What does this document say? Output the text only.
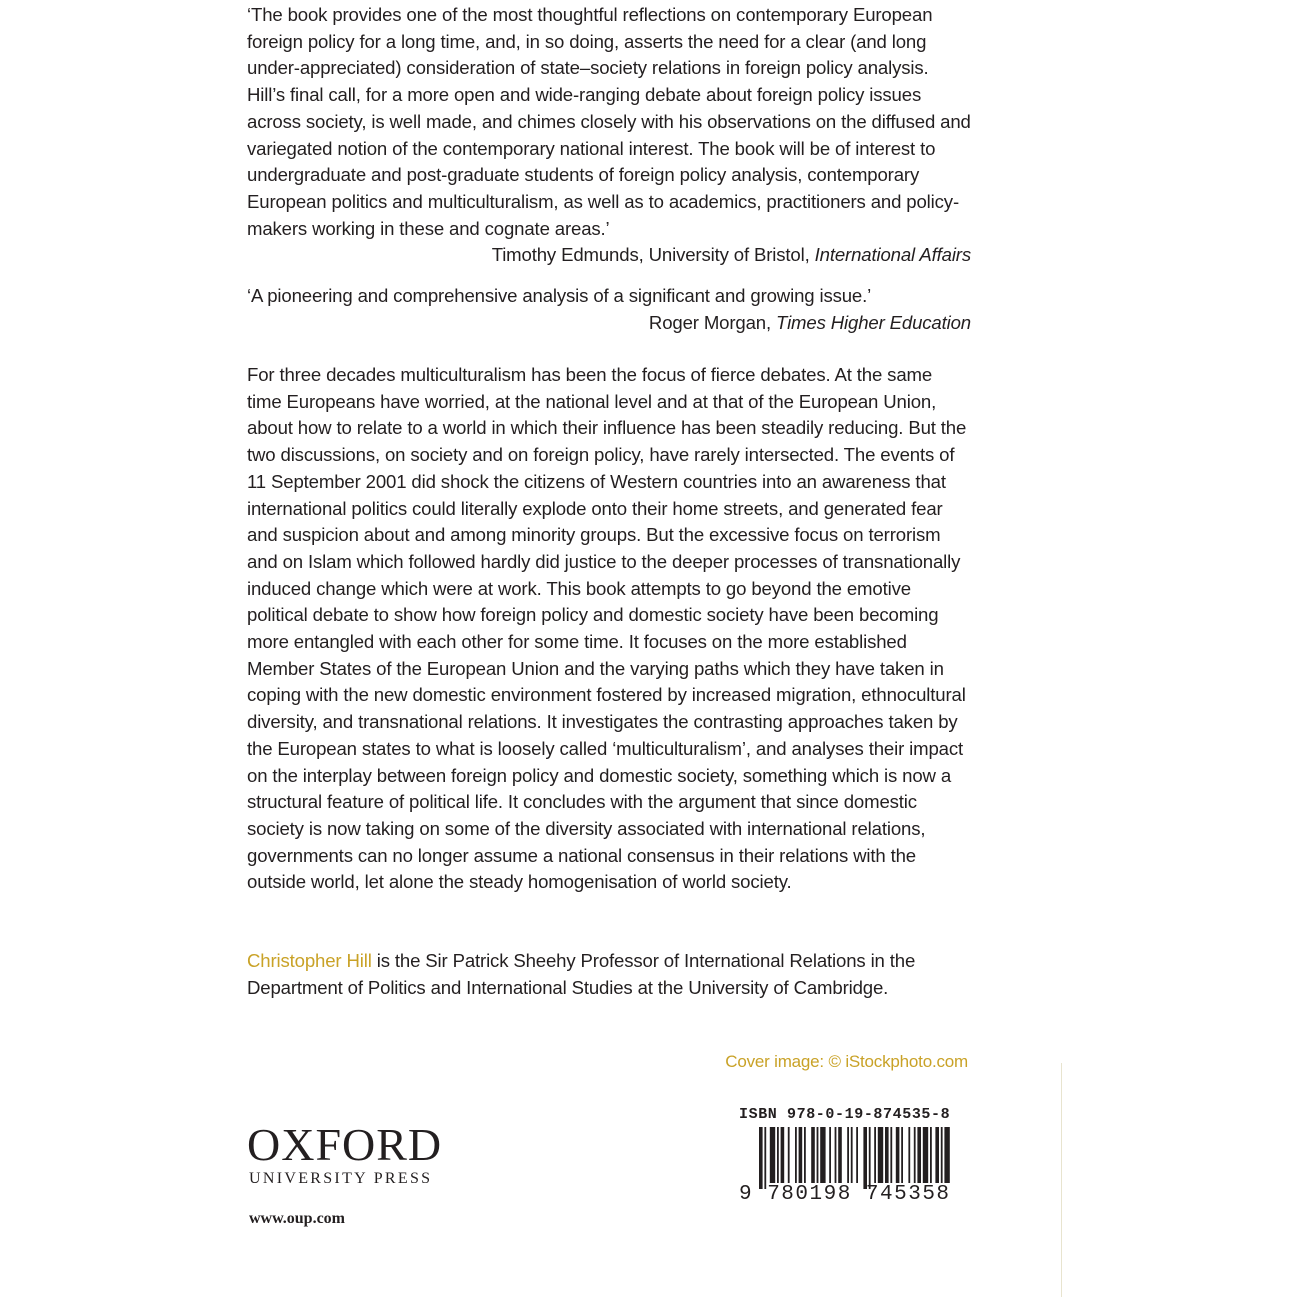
‘The book provides one of the most thoughtful reflections on contemporary European foreign policy for a long time, and, in so doing, asserts the need for a clear (and long under-appreciated) consideration of state–society relations in foreign policy analysis. Hill’s final call, for a more open and wide-ranging debate about foreign policy issues across society, is well made, and chimes closely with his observations on the diffused and variegated notion of the contemporary national interest. The book will be of interest to undergraduate and post-graduate students of foreign policy analysis, contemporary European politics and multiculturalism, as well as to academics, practitioners and policy-makers working in these and cognate areas.’

Timothy Edmunds, University of Bristol, International Affairs

‘A pioneering and comprehensive analysis of a significant and growing issue.’

Roger Morgan, Times Higher Education

For three decades multiculturalism has been the focus of fierce debates. At the same time Europeans have worried, at the national level and at that of the European Union, about how to relate to a world in which their influence has been steadily reducing. But the two discussions, on society and on foreign policy, have rarely intersected. The events of 11 September 2001 did shock the citizens of Western countries into an awareness that international politics could literally explode onto their home streets, and generated fear and suspicion about and among minority groups. But the excessive focus on terrorism and on Islam which followed hardly did justice to the deeper processes of transnationally induced change which were at work. This book attempts to go beyond the emotive political debate to show how foreign policy and domestic society have been becoming more entangled with each other for some time. It focuses on the more established Member States of the European Union and the varying paths which they have taken in coping with the new domestic environment fostered by increased migration, ethnocultural diversity, and transnational relations. It investigates the contrasting approaches taken by the European states to what is loosely called ‘multiculturalism’, and analyses their impact on the interplay between foreign policy and domestic society, something which is now a structural feature of political life. It concludes with the argument that since domestic society is now taking on some of the diversity associated with international relations, governments can no longer assume a national consensus in their relations with the outside world, let alone the steady homogenisation of world society.

Christopher Hill is the Sir Patrick Sheehy Professor of International Relations in the Department of Politics and International Studies at the University of Cambridge.

Cover image: © iStockphoto.com
OXFORD
UNIVERSITY PRESS
www.oup.com
ISBN 978-0-19-874535-8
9 780198 745358
